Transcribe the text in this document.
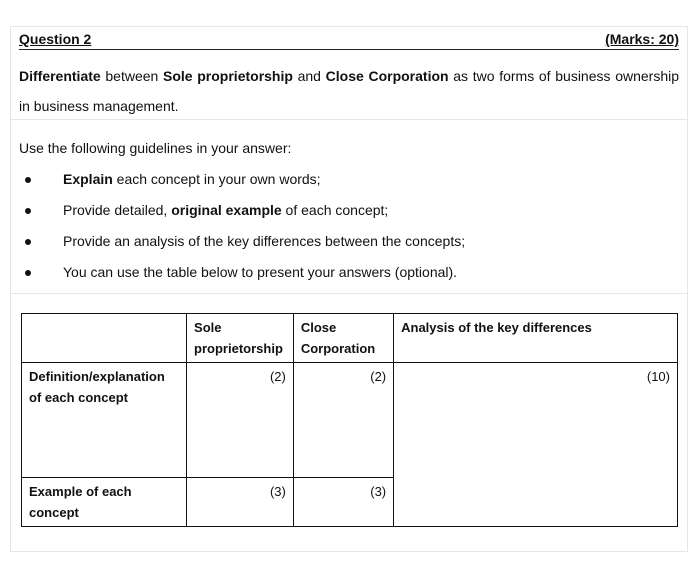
Question 2	(Marks: 20)
Differentiate between Sole proprietorship and Close Corporation as two forms of business ownership in business management.
Use the following guidelines in your answer:
Explain each concept in your own words;
Provide detailed, original example of each concept;
Provide an analysis of the key differences between the concepts;
You can use the table below to present your answers (optional).
	Sole proprietorship	Close Corporation	Analysis of the key differences
Definition/explanation of each concept	(2)	(2)	(10)

Example of each concept	(3)	(3)	
